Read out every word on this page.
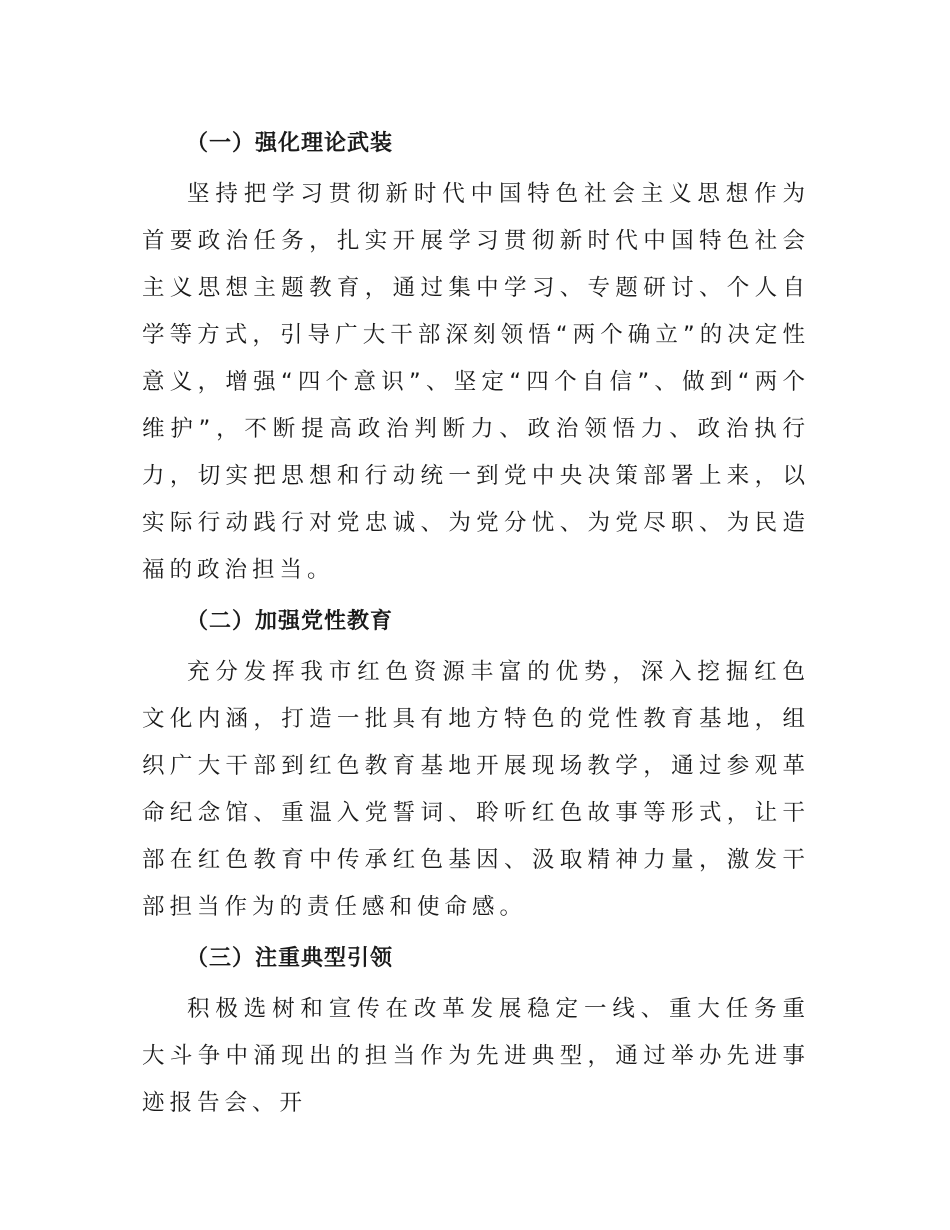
（一）强化理论武装

坚持把学习贯彻新时代中国特色社会主义思想作为首要政治任务，扎实开展学习贯彻新时代中国特色社会主义思想主题教育，通过集中学习、专题研讨、个人自学等方式，引导广大干部深刻领悟“两个确立”的决定性意义，增强“四个意识”、坚定“四个自信”、做到“两个维护”，不断提高政治判断力、政治领悟力、政治执行力，切实把思想和行动统一到党中央决策部署上来，以实际行动践行对党忠诚、为党分忧、为党尽职、为民造福的政治担当。

（二）加强党性教育

充分发挥我市红色资源丰富的优势，深入挖掘红色文化内涵，打造一批具有地方特色的党性教育基地，组织广大干部到红色教育基地开展现场教学，通过参观革命纪念馆、重温入党誓词、聆听红色故事等形式，让干部在红色教育中传承红色基因、汲取精神力量，激发干部担当作为的责任感和使命感。

（三）注重典型引领

积极选树和宣传在改革发展稳定一线、重大任务重大斗争中涌现出的担当作为先进典型，通过举办先进事迹报告会、开
